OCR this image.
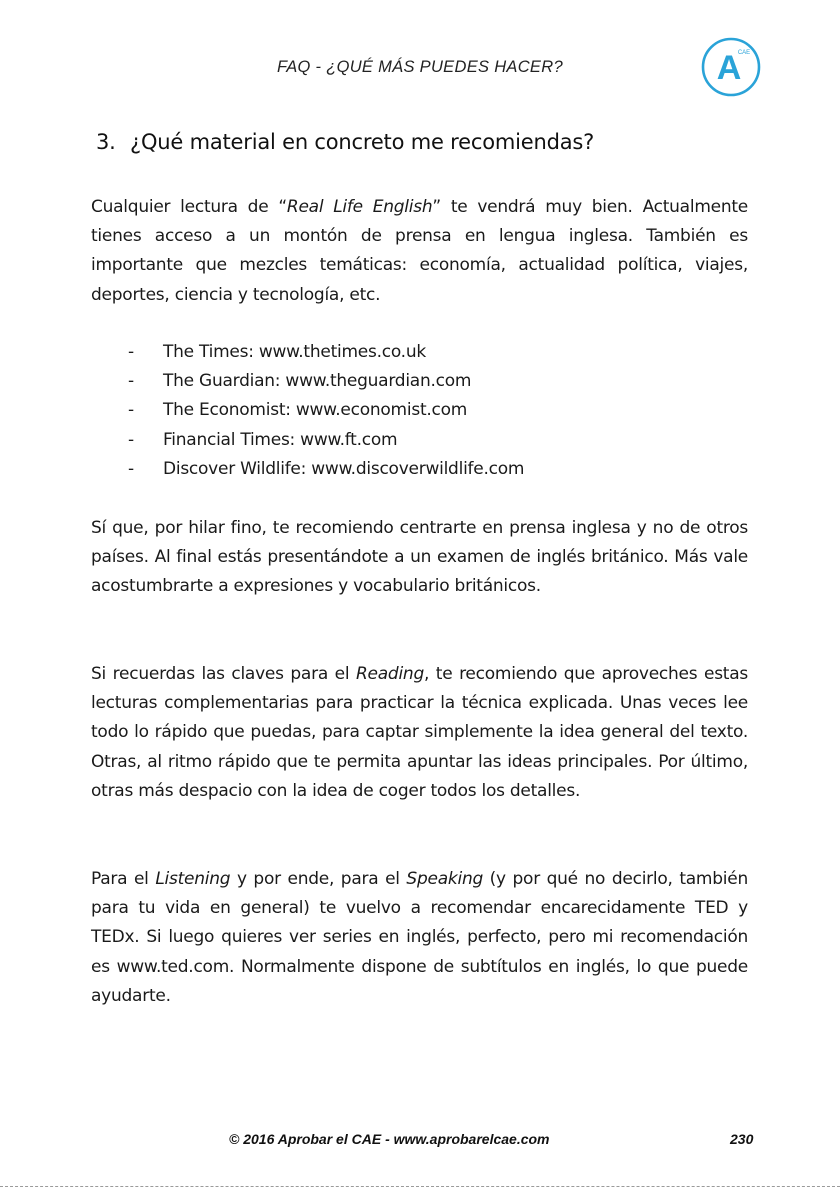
FAQ - ¿QUÉ MÁS PUEDES HACER?	A
CAE
3. ¿Qué material en concreto me recomiendas?

Cualquier lectura de “Real Life English” te vendrá muy bien. Actualmente tienes acceso a un montón de prensa en lengua inglesa. También es importante que mezcles temáticas: economía, actualidad política, viajes, deportes, ciencia y tecnología, etc.

- The Times: www.thetimes.co.uk
- The Guardian: www.theguardian.com
- The Economist: www.economist.com
- Financial Times: www.ft.com
- Discover Wildlife: www.discoverwildlife.com

Sí que, por hilar fino, te recomiendo centrarte en prensa inglesa y no de otros países. Al final estás presentándote a un examen de inglés británico. Más vale acostumbrarte a expresiones y vocabulario británicos.

Si recuerdas las claves para el Reading, te recomiendo que aproveches estas lecturas complementarias para practicar la técnica explicada. Unas veces lee todo lo rápido que puedas, para captar simplemente la idea general del texto. Otras, al ritmo rápido que te permita apuntar las ideas principales. Por último, otras más despacio con la idea de coger todos los detalles.

Para el Listening y por ende, para el Speaking (y por qué no decirlo, también para tu vida en general) te vuelvo a recomendar encarecidamente TED y TEDx. Si luego quieres ver series en inglés, perfecto, pero mi recomendación es www.ted.com. Normalmente dispone de subtítulos en inglés, lo que puede ayudarte.

© 2016 Aprobar el CAE - www.aprobarelcae.com	230
